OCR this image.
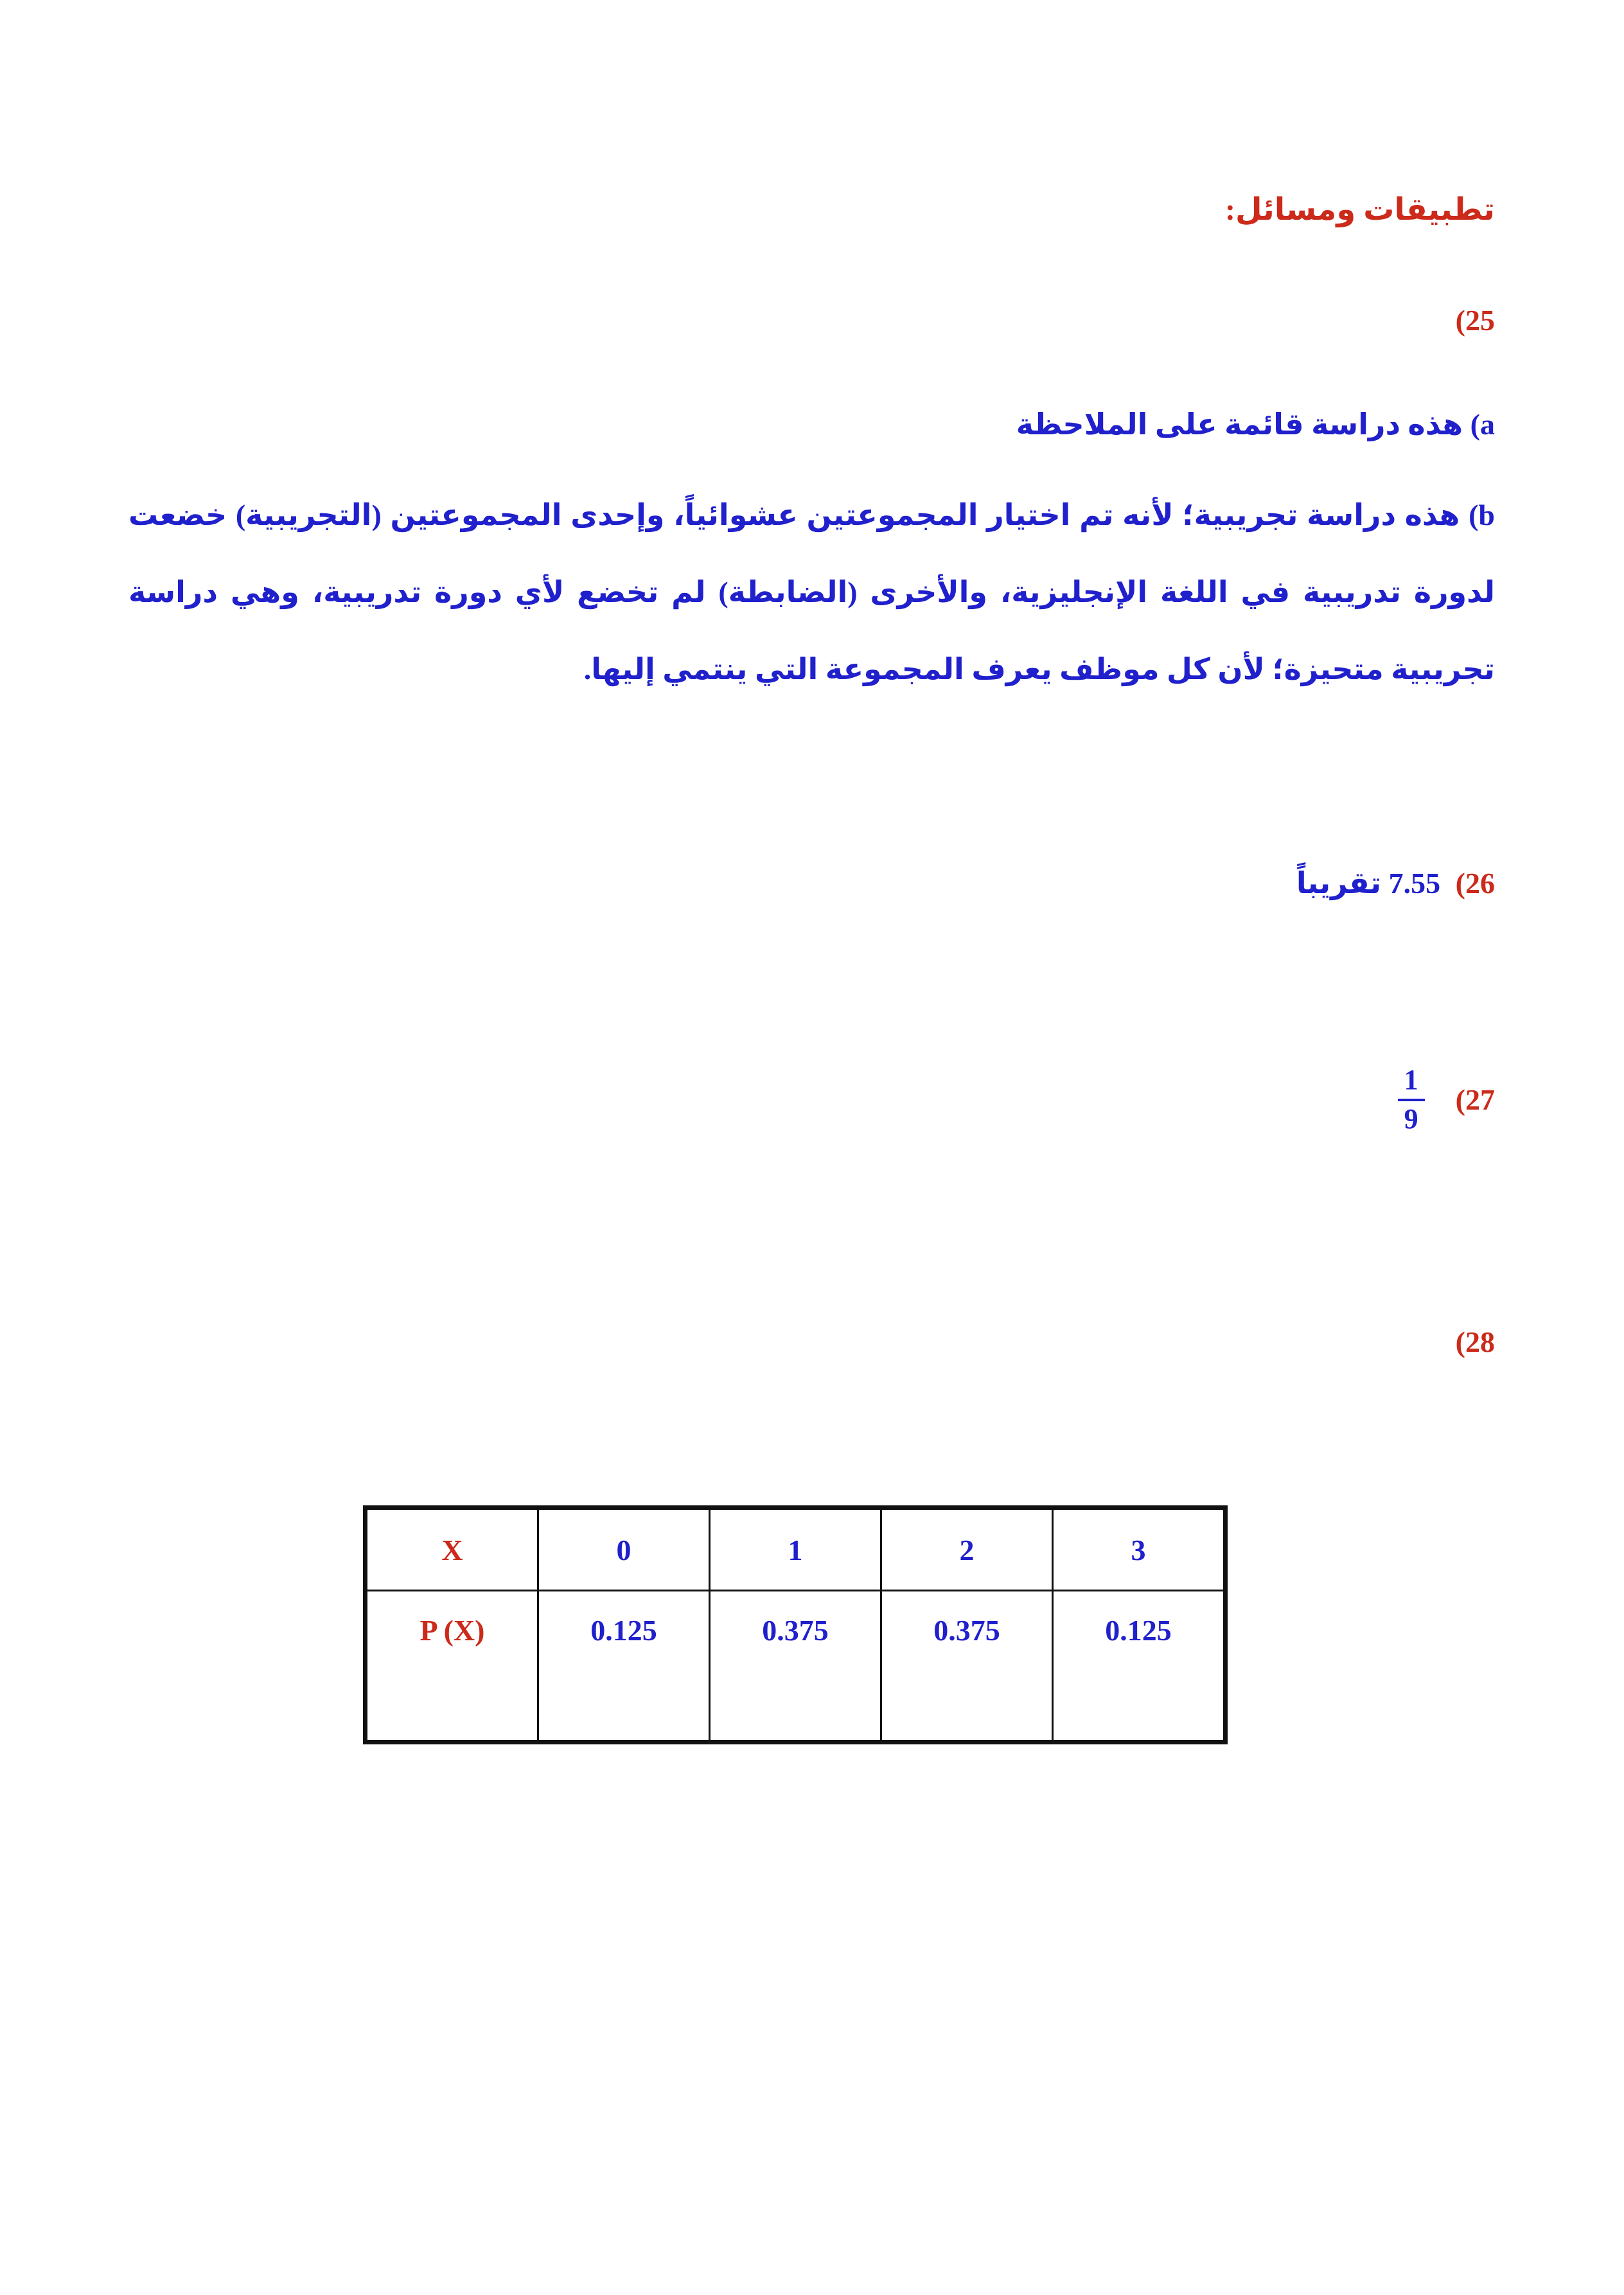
تطبيقات ومسائل:
25)
a) هذه دراسة قائمة على الملاحظة
b) هذه دراسة تجريبية؛ لأنه تم اختيار المجموعتين عشوائياً، وإحدى المجموعتين (التجريبية) خضعت لدورة تدريبية في اللغة الإنجليزية، والأخرى (الضابطة) لم تخضع لأي دورة تدريبية، وهي دراسة تجريبية متحيزة؛ لأن كل موظف يعرف المجموعة التي ينتمي إليها.
26) 7.55 تقريباً
27)
$\frac{1}{9}$
28)
X	0	1	2	3
P (X)	0.125	0.375	0.375	0.125
